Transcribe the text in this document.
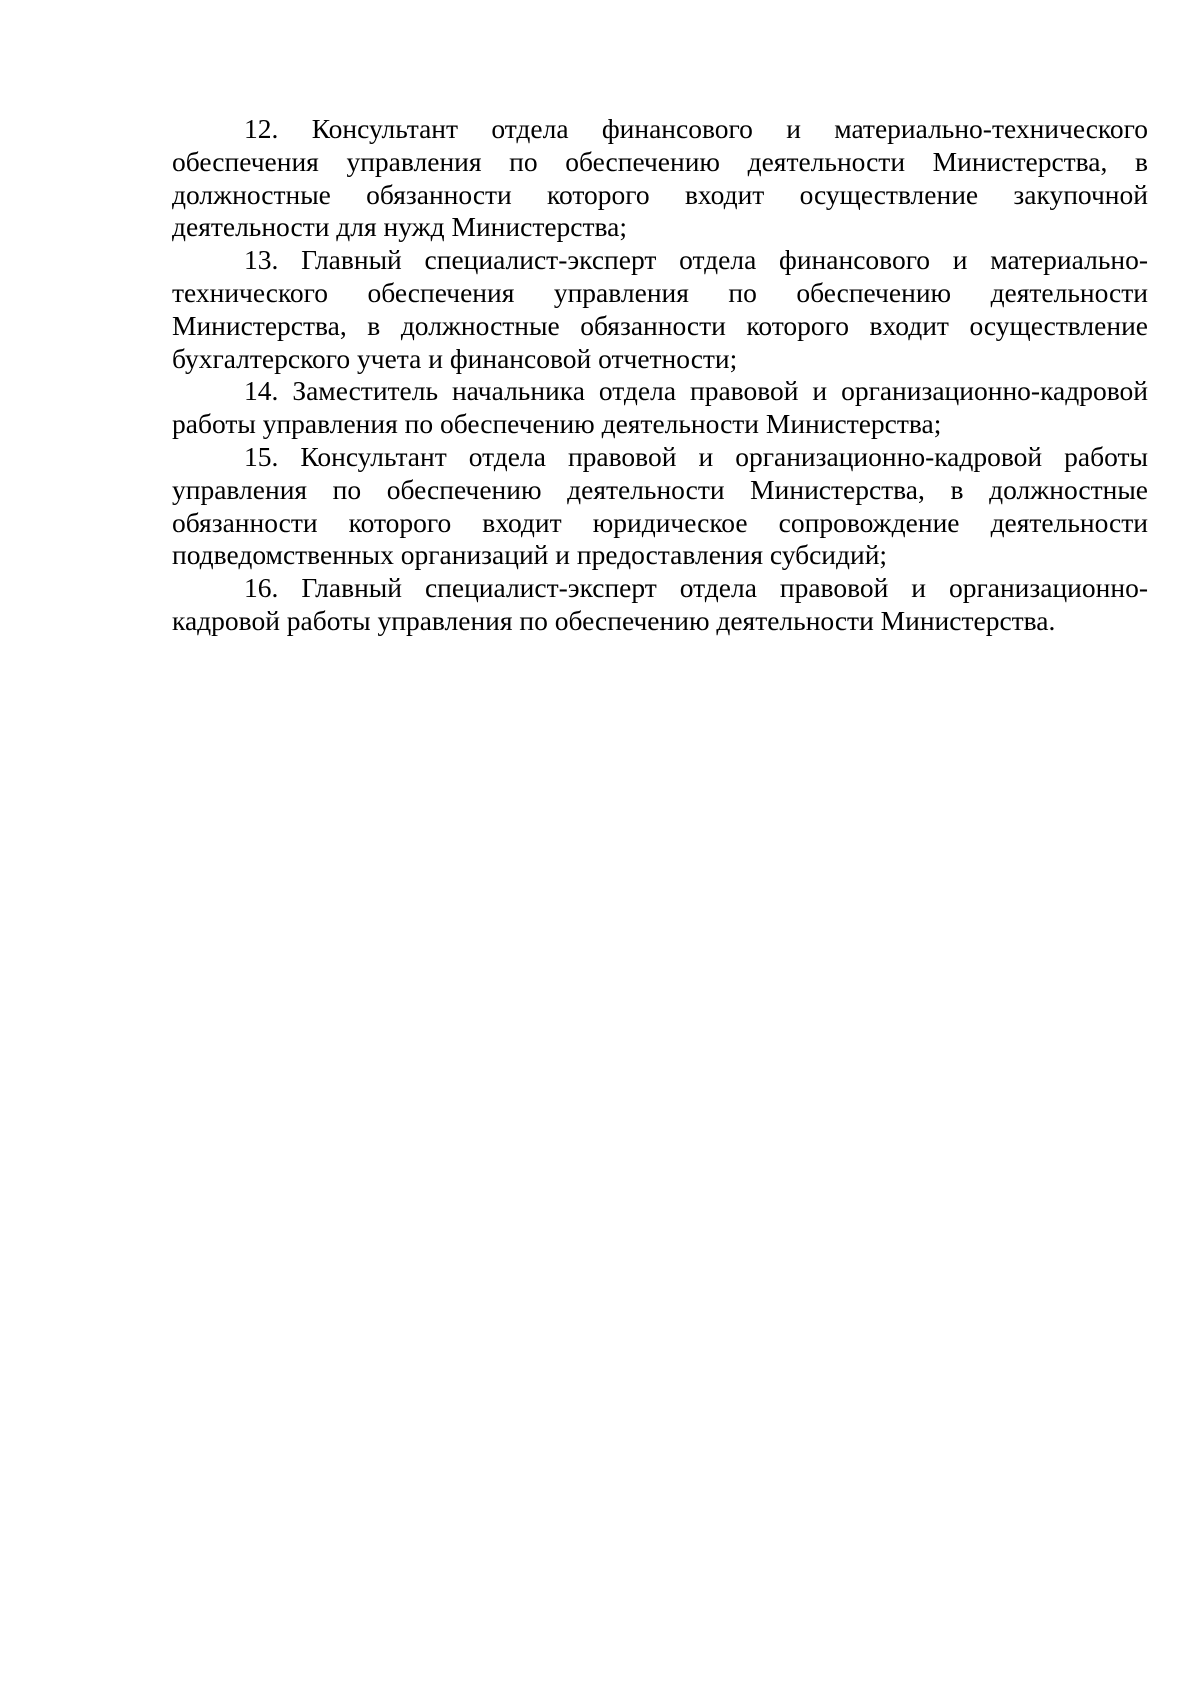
12. Консультант отдела финансового и материально-технического обеспечения управления по обеспечению деятельности Министерства, в должностные обязанности которого входит осуществление закупочной деятельности для нужд Министерства;

13. Главный специалист-эксперт отдела финансового и материально-технического обеспечения управления по обеспечению деятельности Министерства, в должностные обязанности которого входит осуществление бухгалтерского учета и финансовой отчетности;

14. Заместитель начальника отдела правовой и организационно-кадровой работы управления по обеспечению деятельности Министерства;

15. Консультант отдела правовой и организационно-кадровой работы управления по обеспечению деятельности Министерства, в должностные обязанности которого входит юридическое сопровождение деятельности подведомственных организаций и предоставления субсидий;

16. Главный специалист-эксперт отдела правовой и организационно-кадровой работы управления по обеспечению деятельности Министерства.
